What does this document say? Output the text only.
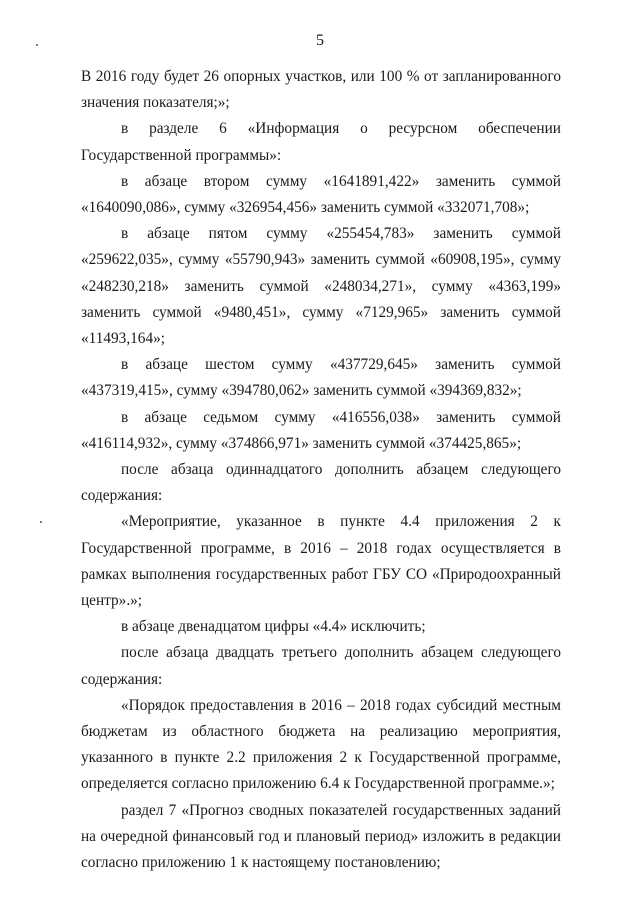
5

В 2016 году будет 26 опорных участков, или 100 % от запланированного значения показателя;»;

в разделе 6 «Информация о ресурсном обеспечении Государственной программы»:

в абзаце втором сумму «1641891,422» заменить суммой «1640090,086», сумму «326954,456» заменить суммой «332071,708»;

в абзаце пятом сумму «255454,783» заменить суммой «259622,035», сумму «55790,943» заменить суммой «60908,195», сумму «248230,218» заменить суммой «248034,271», сумму «4363,199» заменить суммой «9480,451», сумму «7129,965» заменить суммой «11493,164»;

в абзаце шестом сумму «437729,645» заменить суммой «437319,415», сумму «394780,062» заменить суммой «394369,832»;

в абзаце седьмом сумму «416556,038» заменить суммой «416114,932», сумму «374866,971» заменить суммой «374425,865»;

после абзаца одиннадцатого дополнить абзацем следующего содержания:

«Мероприятие, указанное в пункте 4.4 приложения 2 к Государственной программе, в 2016 – 2018 годах осуществляется в рамках выполнения государственных работ ГБУ СО «Природоохранный центр».»;

в абзаце двенадцатом цифры «4.4» исключить;

после абзаца двадцать третьего дополнить абзацем следующего содержания:

«Порядок предоставления в 2016 – 2018 годах субсидий местным бюджетам из областного бюджета на реализацию мероприятия, указанного в пункте 2.2 приложения 2 к Государственной программе, определяется согласно приложению 6.4 к Государственной программе.»;

раздел 7 «Прогноз сводных показателей государственных заданий на очередной финансовый год и плановый период» изложить в редакции согласно приложению 1 к настоящему постановлению;
